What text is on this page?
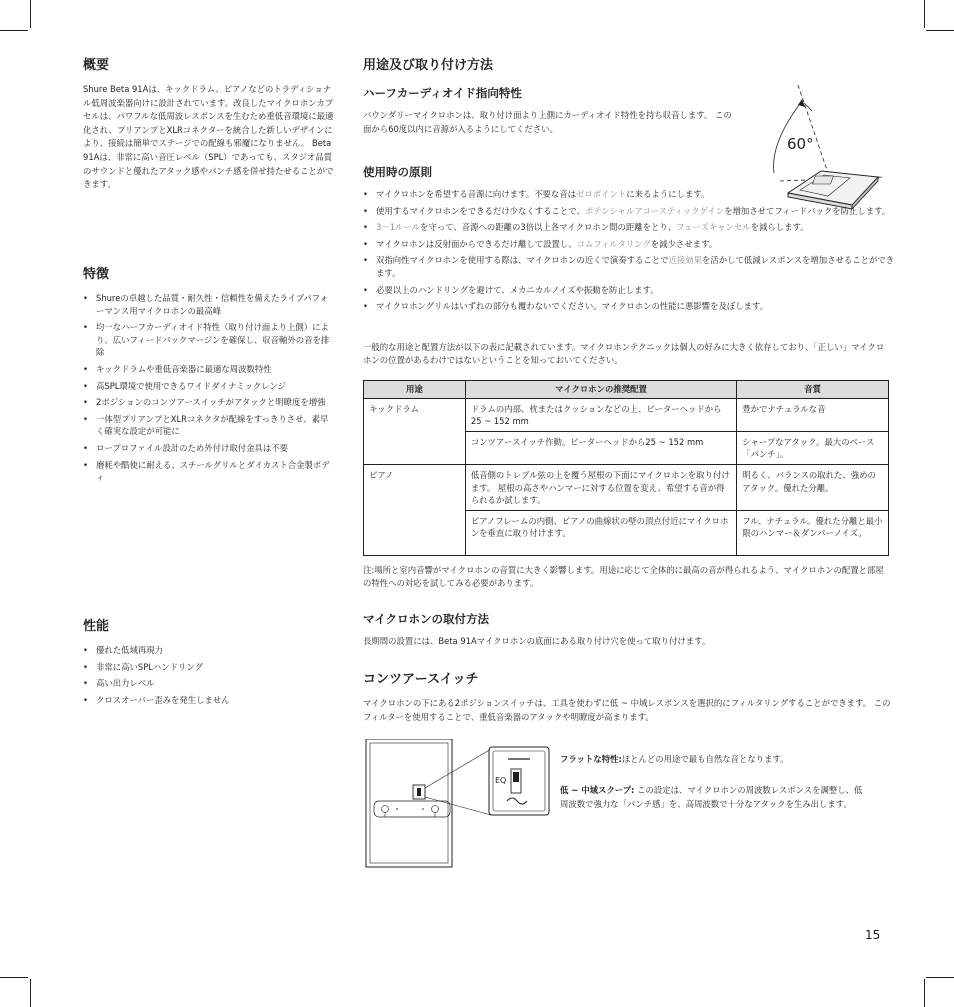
概要

Shure Beta 91Aは、キックドラム、ピアノなどのトラディショナル低周波楽器向けに設計されています。改良したマイクロホンカプセルは、パワフルな低周波レスポンスを生むため重低音環境に最適化され、プリアンプとXLRコネクターを統合した新しいデザインにより、接続は簡単でステージでの配線も邪魔になりません。 Beta 91Aは、非常に高い音圧レベル（SPL）であっても、スタジオ品質のサウンドと優れたアタック感やパンチ感を併せ持たせることができます。

特徴
• Shureの卓越した品質・耐久性・信頼性を備えたライブパフォーマンス用マイクロホンの最高峰
• 均一なハーフカーディオイド特性（取り付け面より上側）により、広いフィードバックマージンを確保し、収音軸外の音を排除
• キックドラムや重低音楽器に最適な周波数特性
• 高SPL環境で使用できるワイドダイナミックレンジ
• 2ポジションのコンツアースイッチがアタックと明瞭度を増強
• 一体型プリアンプとXLRコネクタが配線をすっきりさせ、素早く確実な設定が可能に
• ロープロファイル設計のため外付け取付金具は不要
• 磨耗や酷使に耐える、スチールグリルとダイカスト合金製ボディ
性能
• 優れた低域再現力
• 非常に高いSPLハンドリング
• 高い出力レベル
• クロスオーバー歪みを発生しません
用途及び取り付け方法
ハーフカーディオイド指向特性

バウンダリーマイクロホンは、取り付け面より上側にカーディオイド特性を持ち収音します。 この面から60度以内に音源が入るようにしてください。

60°
使用時の原則
• マイクロホンを希望する音源に向けます。不要な音はゼロポイントに来るようにします。
• 使用するマイクロホンをできるだけ少なくすることで、ポテンシャルアコースティックゲインを増加させてフィードバックを防止します。
• 3－1ルールを守って、音源への距離の3倍以上各マイクロホン間の距離をとり、フェーズキャンセルを減らします。
• マイクロホンは反射面からできるだけ離して設置し、コムフィルタリングを減少させます。
• 双指向性マイクロホンを使用する際は、マイクロホンの近くで演奏することで近接効果を活かして低減レスポンスを増加させることができます。
• 必要以上のハンドリングを避けて、メカニカルノイズや振動を防止します。
• マイクロホングリルはいずれの部分も覆わないでください。マイクロホンの性能に悪影響を及ぼします。

一般的な用途と配置方法が以下の表に記載されています。マイクロホンテクニックは個人の好みに大きく依存しており、「正しい」マイクロホンの位置があるわけではないということを知っておいてください。

用途	マイクロホンの推奨配置	音質
キックドラム	ドラムの内部、枕またはクッションなどの上、ビーターヘッドから25 ~ 152 mm	豊かでナチュラルな音
	コンツアースイッチ作動。ビーターヘッドから25 ~ 152 mm	シャープなアタック。最大のベース「パンチ」。
ピアノ	低音側のトレブル弦の上を覆う屋根の下面にマイクロホンを取り付けます。 屋根の高さやハンマーに対する位置を変え、希望する音が得られるか試します。	明るく、バランスの取れた、強めのアタック。優れた分離。
	ピアノフレームの内側、ピアノの曲線状の壁の頂点付近にマイクロホンを垂直に取り付けます。	フル、ナチュラル。優れた分離と最小限のハンマー＆ダンパーノイズ。

注:場所と室内音響がマイクロホンの音質に大きく影響します。用途に応じて全体的に最高の音が得られるよう、マイクロホンの配置と部屋の特性への対応を試してみる必要があります。

マイクロホンの取付方法

長期間の設置には、Beta 91Aマイクロホンの底面にある取り付け穴を使って取り付けます。

コンツアースイッチ

マイクロホンの下にある2ポジションスイッチは、工具を使わずに低 ~ 中域レスポンスを選択的にフィルタリングすることができます。 このフィルターを使用することで、重低音楽器のアタックや明瞭度が高まります。

EQ

フラットな特性:ほとんどの用途で最も自然な音となります。

低 ~ 中域スクープ: この設定は、マイクロホンの周波数レスポンスを調整し、低周波数で強力な「パンチ感」を、高周波数で十分なアタックを生み出します。

15
